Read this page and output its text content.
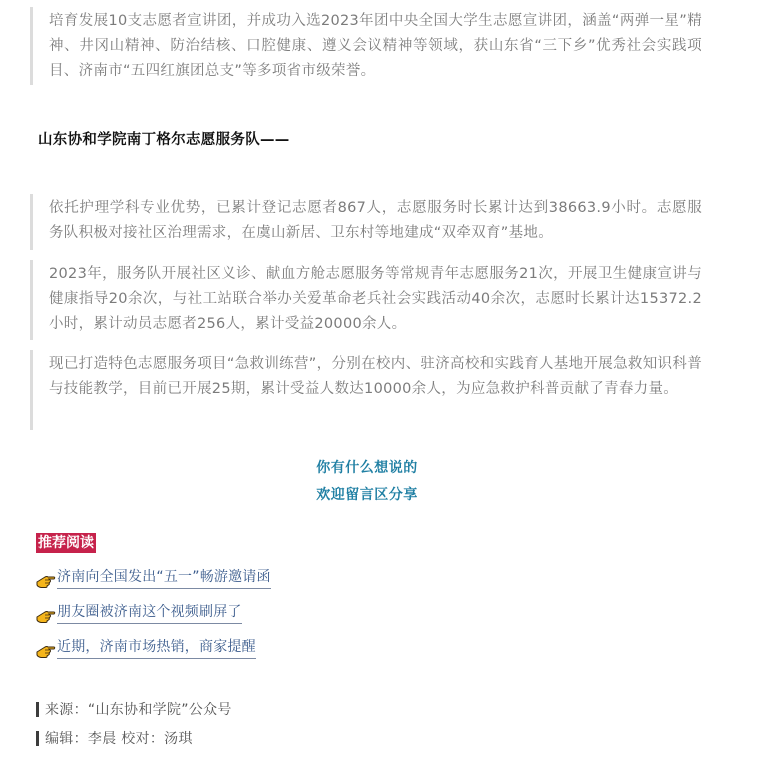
培育发展10支志愿者宣讲团，并成功入选2023年团中央全国大学生志愿宣讲团，涵盖“两弹一星”精神、井冈山精神、防治结核、口腔健康、遵义会议精神等领域，获山东省“三下乡”优秀社会实践项目、济南市“五四红旗团总支”等多项省市级荣誉。

山东协和学院南丁格尔志愿服务队——

依托护理学科专业优势，已累计登记志愿者867人，志愿服务时长累计达到38663.9小时。志愿服务队积极对接社区治理需求，在虞山新居、卫东村等地建成“双牵双育”基地。

2023年，服务队开展社区义诊、献血方舱志愿服务等常规青年志愿服务21次，开展卫生健康宣讲与健康指导20余次，与社工站联合举办关爱革命老兵社会实践活动40余次，志愿时长累计达15372.2小时，累计动员志愿者256人，累计受益20000余人。

现已打造特色志愿服务项目“急救训练营”，分别在校内、驻济高校和实践育人基地开展急救知识科普与技能教学，目前已开展25期，累计受益人数达10000余人，为应急救护科普贡献了青春力量。

你有什么想说的
欢迎留言区分享
推荐阅读
济南向全国发出“五一”畅游邀请函
朋友圈被济南这个视频刷屏了
近期，济南市场热销，商家提醒
来源：“山东协和学院”公众号
编辑：李晨 校对：汤琪
